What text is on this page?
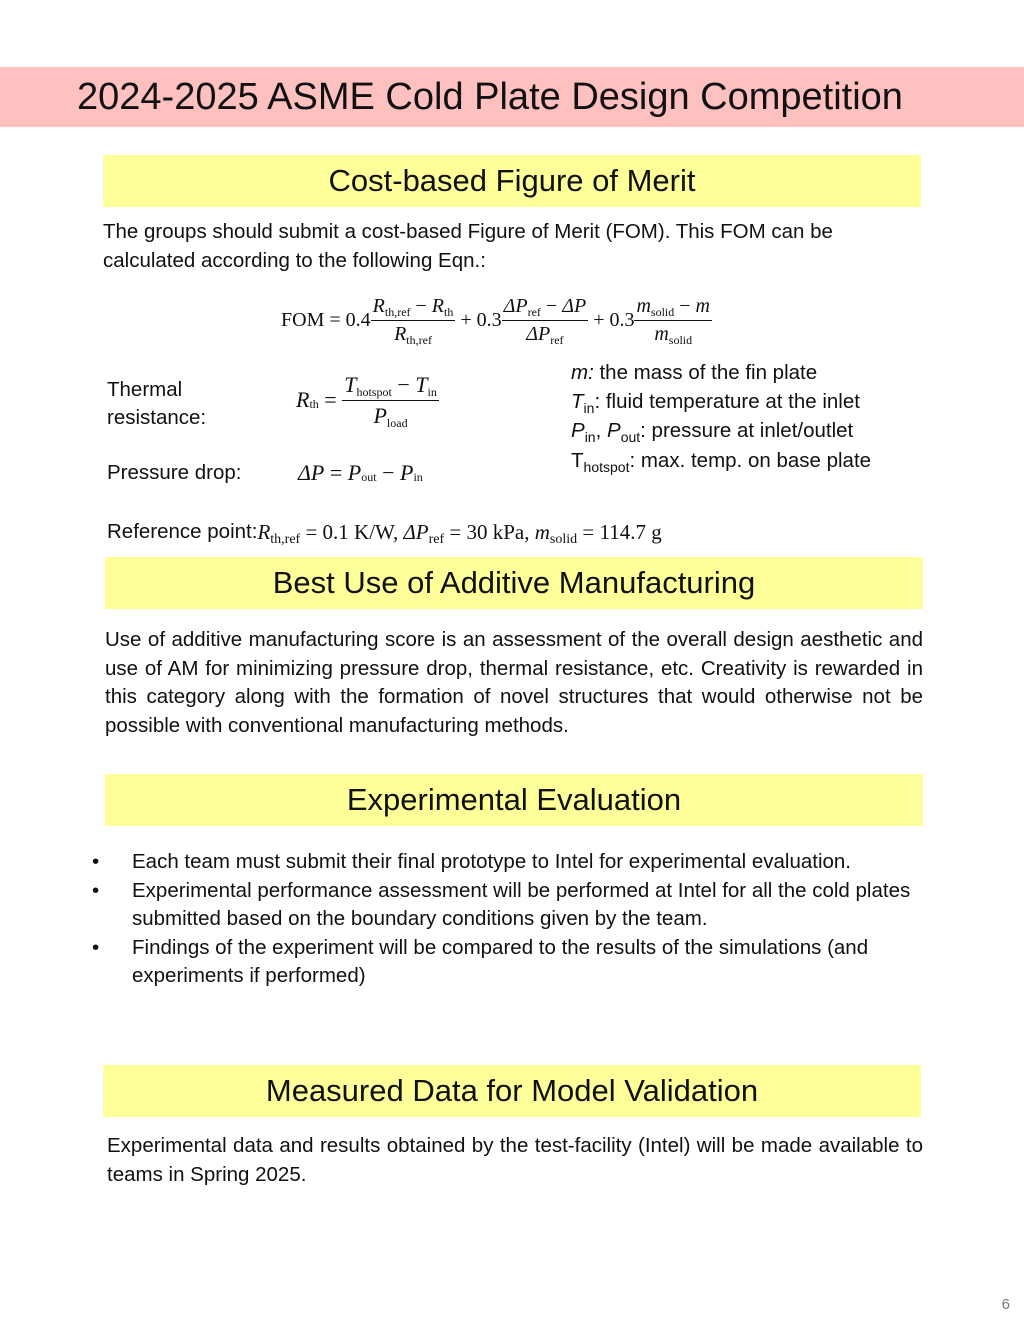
2024-2025 ASME Cold Plate Design Competition
Cost-based Figure of Merit
The groups should submit a cost-based Figure of Merit (FOM). This FOM can be calculated according to the following Eqn.:
FOM = $0.4 \frac{R_{th,ref} - R_{th}}{R_{th,ref}} + 0.3 \frac{\Delta P_{ref} - \Delta P}{\Delta P_{ref}} + 0.3 \frac{m_{solid} - m}{m_{solid}}$
Thermal resistance:
R th = $\frac{\text{Thotspot − Tin}}{\text{Pload}}$
Pressure drop:	ΔP = P out − P in
m: the mass of the fin plate
$T_{in}$: fluid temperature at the inlet
$P_{in}$, $P_{out}$: pressure at inlet/outlet
$T_{hotspot}$: max. temp. on base plate
Reference point: Rth,ref = 0.1 K/W, ΔPref = 30 kPa, msolid = 114.7 g
Best Use of Additive Manufacturing
Use of additive manufacturing score is an assessment of the overall design aesthetic and use of AM for minimizing pressure drop, thermal resistance, etc. Creativity is rewarded in this category along with the formation of novel structures that would otherwise not be possible with conventional manufacturing methods.
Experimental Evaluation
•	Each team must submit their final prototype to Intel for experimental evaluation.
•	Experimental performance assessment will be performed at Intel for all the cold plates submitted based on the boundary conditions given by the team.
•	Findings of the experiment will be compared to the results of the simulations (and experiments if performed)
Measured Data for Model Validation
Experimental data and results obtained by the test-facility (Intel) will be made available to teams in Spring 2025.
6
